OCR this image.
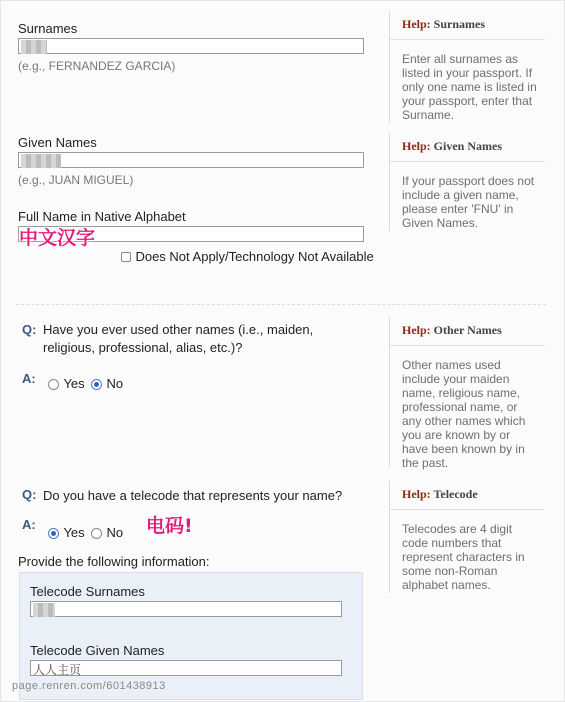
Surnames
(e.g., FERNANDEZ GARCIA)
Help: Surnames
Enter all surnames as listed in your passport. If only one name is listed in your passport, enter that Surname.
Given Names
(e.g., JUAN MIGUEL)
Help: Given Names
If your passport does not include a given name, please enter 'FNU' in Given Names.
Full Name in Native Alphabet
中文汉字
Does Not Apply/Technology Not Available
Q: Have you ever used other names (i.e., maiden, religious, professional, alias, etc.)?
A:	Yes	No
Help: Other Names
Other names used include your maiden name, religious name, professional name, or any other names which you are known by or have been known by in the past.
Q: Do you have a telecode that represents your name?
A:
Yes	No 电码!
Help: Telecode
Telecodes are 4 digit code numbers that represent characters in some non-Roman alphabet names.
Provide the following information:
Telecode Surnames
Telecode Given Names
人人主页
page.renren.com/601438913
